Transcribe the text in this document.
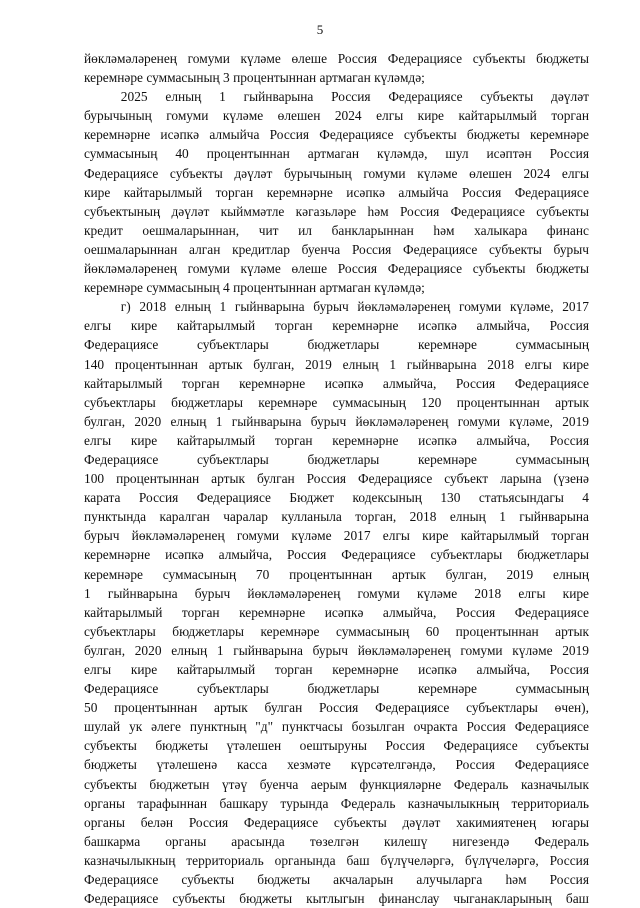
5
йөкләмәләренең гомуми күләме өлеше Россия Федерациясе субъекты бюджеты
керемнәре суммасының 3 процентыннан артмаган күләмдә;
2025 елның 1 гыйнварына Россия Федерациясе субъекты дәүләт
бурычының гомуми күләме өлешен 2024 елгы кире кайтарылмый торган
керемнәрне исәпкә алмыйча Россия Федерациясе субъекты бюджеты керемнәре
суммасының 40 процентыннан артмаган күләмдә, шул исәптән Россия
Федерациясе субъекты дәүләт бурычының гомуми күләме өлешен 2024 елгы
кире кайтарылмый торган керемнәрне исәпкә алмыйча Россия Федерациясе
субъектының дәүләт кыйммәтле кәгазьләре һәм Россия Федерациясе субъекты
кредит оешмаларыннан, чит ил банкларыннан һәм халыкара финанс
оешмаларыннан алган кредитлар буенча Россия Федерациясе субъекты бурыч
йөкләмәләренең гомуми күләме өлеше Россия Федерациясе субъекты бюджеты
керемнәре суммасының 4 процентыннан артмаган күләмдә;
г) 2018 елның 1 гыйнварына бурыч йөкләмәләренең гомуми күләме, 2017
елгы кире кайтарылмый торган керемнәрне исәпкә алмыйча, Россия
Федерациясе субъектлары бюджетлары керемнәре суммасының
140 процентыннан артык булган, 2019 елның 1 гыйнварына 2018 елгы кире
кайтарылмый торган керемнәрне исәпкә алмыйча, Россия Федерациясе
субъектлары бюджетлары керемнәре суммасының 120 процентыннан артык
булган, 2020 елның 1 гыйнварына бурыч йөкләмәләренең гомуми күләме, 2019
елгы кире кайтарылмый торган керемнәрне исәпкә алмыйча, Россия
Федерациясе субъектлары бюджетлары керемнәре суммасының
100 процентыннан артык булган Россия Федерациясе субъект ларына (үзенә
карата Россия Федерациясе Бюджет кодексының 130 статьясындагы 4
пунктында каралган чаралар кулланыла торган, 2018 елның 1 гыйнварына
бурыч йөкләмәләренең гомуми күләме 2017 елгы кире кайтарылмый торган
керемнәрне исәпкә алмыйча, Россия Федерациясе субъектлары бюджетлары
керемнәре суммасының 70 процентыннан артык булган, 2019 елның
1 гыйнварына бурыч йөкләмәләренең гомуми күләме 2018 елгы кире
кайтарылмый торган керемнәрне исәпкә алмыйча, Россия Федерациясе
субъектлары бюджетлары керемнәре суммасының 60 процентыннан артык
булган, 2020 елның 1 гыйнварына бурыч йөкләмәләренең гомуми күләме 2019
елгы кире кайтарылмый торган керемнәрне исәпкә алмыйча, Россия
Федерациясе субъектлары бюджетлары керемнәре суммасының
50 процентыннан артык булган Россия Федерациясе субъектлары өчен),
шулай ук әлеге пунктның "д" пунктчасы бозылган очракта Россия Федерациясе
субъекты бюджеты үтәлешен оештыруны Россия Федерациясе субъекты
бюджеты үтәлешенә касса хезмәте күрсәтелгәндә, Россия Федерациясе
субъекты бюджетын үтәү буенча аерым функцияләрне Федераль казначылык
органы тарафыннан башкару турында Федераль казначылыкның территориаль
органы белән Россия Федерациясе субъекты дәүләт хакимиятенең югары
башкарма органы арасында төзелгән килешү нигезендә Федераль
казначылыкның территориаль органында баш бүлүчеләргә, бүлүчеләргә, Россия
Федерациясе субъекты бюджеты акчаларын алучыларга һәм Россия
Федерациясе субъекты бюджеты кытлыгын финанслау чыганакларының баш
